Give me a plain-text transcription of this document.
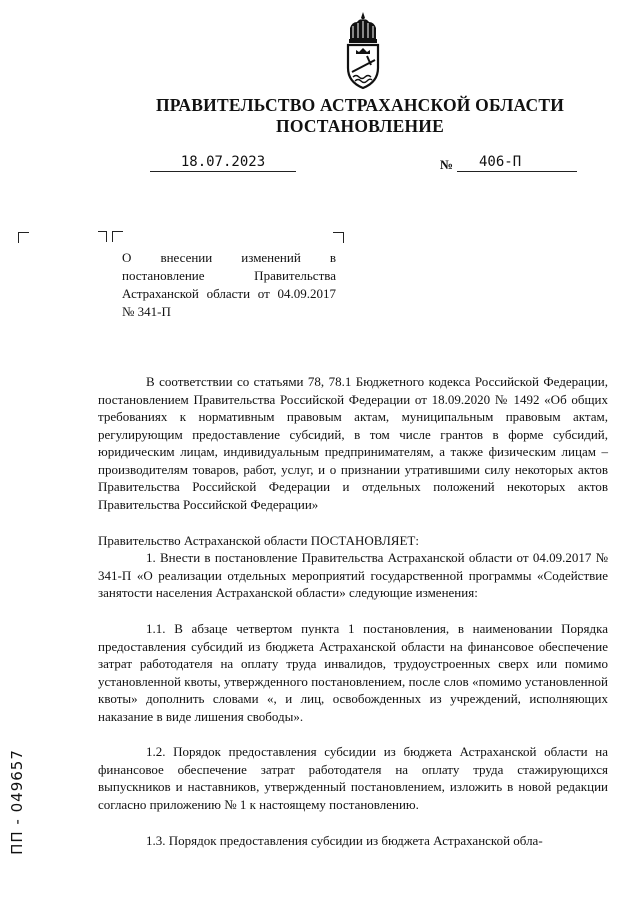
ПРАВИТЕЛЬСТВО АСТРАХАНСКОЙ ОБЛАСТИ
ПОСТАНОВЛЕНИЕ
18.07.2023	№	406-П
О внесении изменений в постановление Правительства Астраханской области от 04.09.2017 № 341-П
В соответствии со статьями 78, 78.1 Бюджетного кодекса Российской Федерации, постановлением Правительства Российской Федерации от 18.09.2020 № 1492 «Об общих требованиях к нормативным правовым актам, муниципальным правовым актам, регулирующим предоставление субсидий, в том числе грантов в форме субсидий, юридическим лицам, индивидуальным предпринимателям, а также физическим лицам – производителям товаров, работ, услуг, и о признании утратившими силу некоторых актов Правительства Российской Федерации и отдельных положений некоторых актов Правительства Российской Федерации»
Правительство Астраханской области ПОСТАНОВЛЯЕТ:
1. Внести в постановление Правительства Астраханской области от 04.09.2017 № 341-П «О реализации отдельных мероприятий государственной программы «Содействие занятости населения Астраханской области» следующие изменения:
1.1. В абзаце четвертом пункта 1 постановления, в наименовании Порядка предоставления субсидий из бюджета Астраханской области на финансовое обеспечение затрат работодателя на оплату труда инвалидов, трудоустроенных сверх или помимо установленной квоты, утвержденного постановлением, после слов «помимо установленной квоты» дополнить словами «, и лиц, освобожденных из учреждений, исполняющих наказание в виде лишения свободы».
1.2. Порядок предоставления субсидии из бюджета Астраханской области на финансовое обеспечение затрат работодателя на оплату труда стажирующихся выпускников и наставников, утвержденный постановлением, изложить в новой редакции согласно приложению № 1 к настоящему постановлению.
1.3. Порядок предоставления субсидии из бюджета Астраханской обла-
ПП - 049657
